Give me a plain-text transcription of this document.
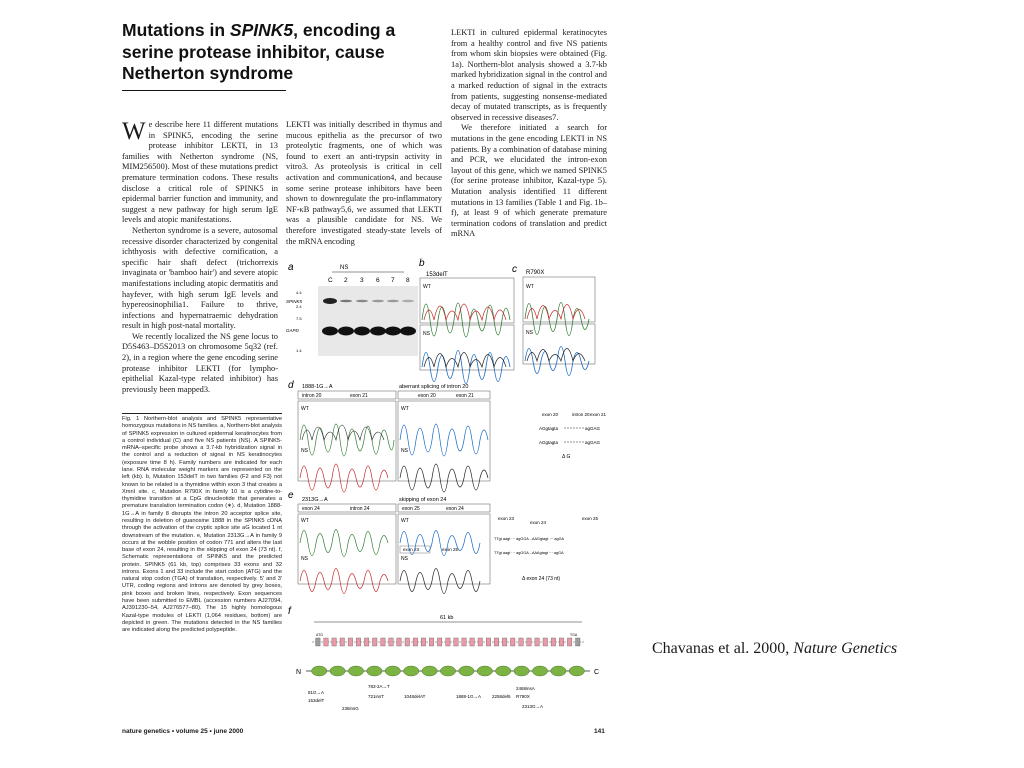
Mutations in SPINK5, encoding a
serine protease inhibitor, cause
Netherton syndrome

We describe here 11 different mutations in SPINK5, encoding the serine protease inhibitor LEKTI, in 13 families with Netherton syndrome (NS, MIM256500). Most of these mutations predict premature termination codons. These results disclose a critical role of SPINK5 in epidermal barrier function and immunity, and suggest a new pathway for high serum IgE levels and atopic manifestations.

Netherton syndrome is a severe, autosomal recessive disorder characterized by congenital ichthyosis with defective cornification, a specific hair shaft defect (trichorrexis invaginata or 'bamboo hair') and severe atopic manifestations including atopic dermatitis and hayfever, with high serum IgE levels and hypereosinophilia1. Failure to thrive, infections and hypernatraemic dehydration result in high post-natal mortality.

We recently localized the NS gene locus to D5S463–D5S2013 on chromosome 5q32 (ref. 2), in a region where the gene encoding serine protease inhibitor LEKTI (for lympho-epithelial Kazal-type related inhibitor) has previously been mapped3.

LEKTI was initially described in thymus and mucous epithelia as the precursor of two proteolytic fragments, one of which was found to exert an anti-trypsin activity in vitro3. As proteolysis is critical in cell activation and communication4, and because some serine protease inhibitors have been shown to downregulate the pro-inflammatory NF-κB pathway5,6, we assumed that LEKTI was a plausible candidate for NS. We therefore investigated steady-state levels of the mRNA encoding

LEKTI in cultured epidermal keratinocytes from a healthy control and five NS patients from whom skin biopsies were obtained (Fig. 1a). Northern-blot analysis showed a 3.7-kb marked hybridization signal in the control and a marked reduction of signal in the extracts from patients, suggesting nonsense-mediated decay of mutated transcripts, as is frequently observed in recessive diseases7.

We therefore initiated a search for mutations in the gene encoding LEKTI in NS patients. By a combination of database mining and PCR, we elucidated the intron-exon layout of this gene, which we named SPINK5 (for serine protease inhibitor, Kazal-type 5). Mutation analysis identified 11 different mutations in 13 families (Table 1 and Fig. 1b–f), at least 9 of which generate premature termination codons of translation and predict mRNA

Fig. 1 Northern-blot analysis and SPINK5 representative homozygous mutations in NS families. a, Northern-blot analysis of SPINK5 expression in cultured epidermal keratinocytes from a control individual (C) and five NS patients (NS). A SPINK5-mRNA–specific probe shows a 3.7-kb hybridization signal in the control and a reduction of signal in NS keratinocytes (exposure time 8 h). Family numbers are indicated for each lane. RNA molecular weight markers are represented on the left (kb). b, Mutation 153delT in two families (F2 and F3) not known to be related is a thymidine within exon 3 that creates a XmnI site. c, Mutation R790X in family 10 is a cytidine-to-thymidine transition at a CpG dinucleotide that generates a premature translation termination codon (∗). d, Mutation 1888-1G→A in family 8 disrupts the intron 20 acceptor splice site, resulting in deletion of guanosine 1888 in the SPINK5 cDNA through the activation of the cryptic splice site aG located 1 nt downstream of the mutation. e, Mutation 2313G→A in family 9 occurs at the wobble position of codon 771 and alters the last base of exon 24, resulting in the skipping of exon 24 (73 nt). f, Schematic representations of SPINK5 and the predicted protein. SPINK5 (61 kb, top) comprises 33 exons and 32 introns. Exons 1 and 33 include the start codon (ATG) and the natural stop codon (TGA) of translation, respectively. 5' and 3' UTR, coding regions and introns are denoted by grey boxes, pink boxes and broken lines, respectively. Exon sequences have been submitted to EMBL (accession numbers AJ27094, AJ391230–54, AJ276577–80). The 15 highly homologous Kazal-type modules of LEKTI (1,064 residues, bottom) are depicted in green. The mutations detected in the NS families are indicated along the predicted polypeptide.

a	NS
C 2 3 6 7 8
4.4
2.4
7.5
1.4
SPINK5
GAPD
b
153delT
WT
NS
c R790X
WT
NS
d 1888-1G→A	aberrant splicing of intron 20
intron 20	exon 21	exon 20	exon 21
WT	WT
NS	NS
exon 20	intron 20 exon 21
AGgtagta	agGAG
AGgtagta	agGAG
Δ G
e 2313G→A	skipping of exon 24
exon 24	intron 24	exon 25	exon 24
WT	WT
NS	NS
exon 23	exon 25
exon 23
exon 24
exon 25
TTgt aagt ··· agGGA...AAGgtagt ··· agGA
TTgt aagt ··· agGGA...AAAgtagt ··· agGA
Δ exon 24 (73 nt)
f
61 kb
ATG	TGA
N	C
81G→A
153delT
783-2A→T
721insT	1048delAT	1888-1G→A 2258del5
2468insA
R790X
2313G→A
238insG
nature genetics • volume 25 • june 2000	141
Chavanas et al. 2000, Nature Genetics
